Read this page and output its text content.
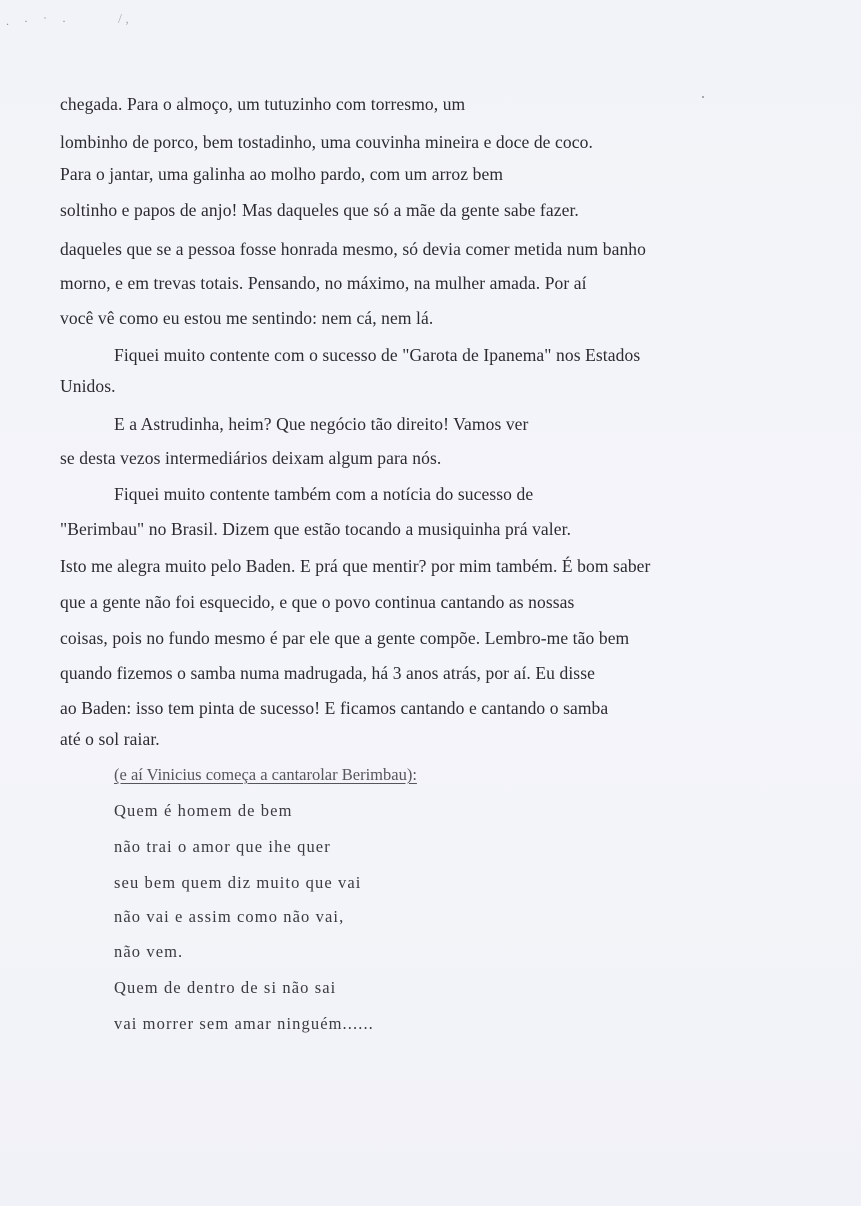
. · ˙ ·	/ ,
chegada. Para o almoço, um tutuzinho com torresmo, um
lombinho de porco, bem tostadinho, uma couvinha mineira e doce de coco.
Para o jantar, uma galinha ao molho pardo, com um arroz bem
soltinho e papos de anjo! Mas daqueles que só a mãe da gente sabe fazer.
daqueles que se a pessoa fosse honrada mesmo, só devia comer metida num banho
morno, e em trevas totais. Pensando, no máximo, na mulher amada. Por aí
você vê como eu estou me sentindo: nem cá, nem lá.
Fiquei muito contente com o sucesso de "Garota de Ipanema" nos Estados
Unidos.
E a Astrudinha, heim? Que negócio tão direito! Vamos ver
se desta vezos intermediários deixam algum para nós.
Fiquei muito contente também com a notícia do sucesso de
"Berimbau" no Brasil. Dizem que estão tocando a musiquinha prá valer.
Isto me alegra muito pelo Baden. E prá que mentir? por mim também. É bom saber
que a gente não foi esquecido, e que o povo continua cantando as nossas
coisas, pois no fundo mesmo é par ele que a gente compõe. Lembro-me tão bem
quando fizemos o samba numa madrugada, há 3 anos atrás, por aí. Eu disse
ao Baden: isso tem pinta de sucesso! E ficamos cantando e cantando o samba
até o sol raiar.
(e aí Vinicius começa a cantarolar Berimbau):
Quem é homem de bem
não trai o amor que ihe quer
seu bem quem diz muito que vai
não vai e assim como não vai,
não vem.
Quem de dentro de si não sai
vai morrer sem amar ninguém......
